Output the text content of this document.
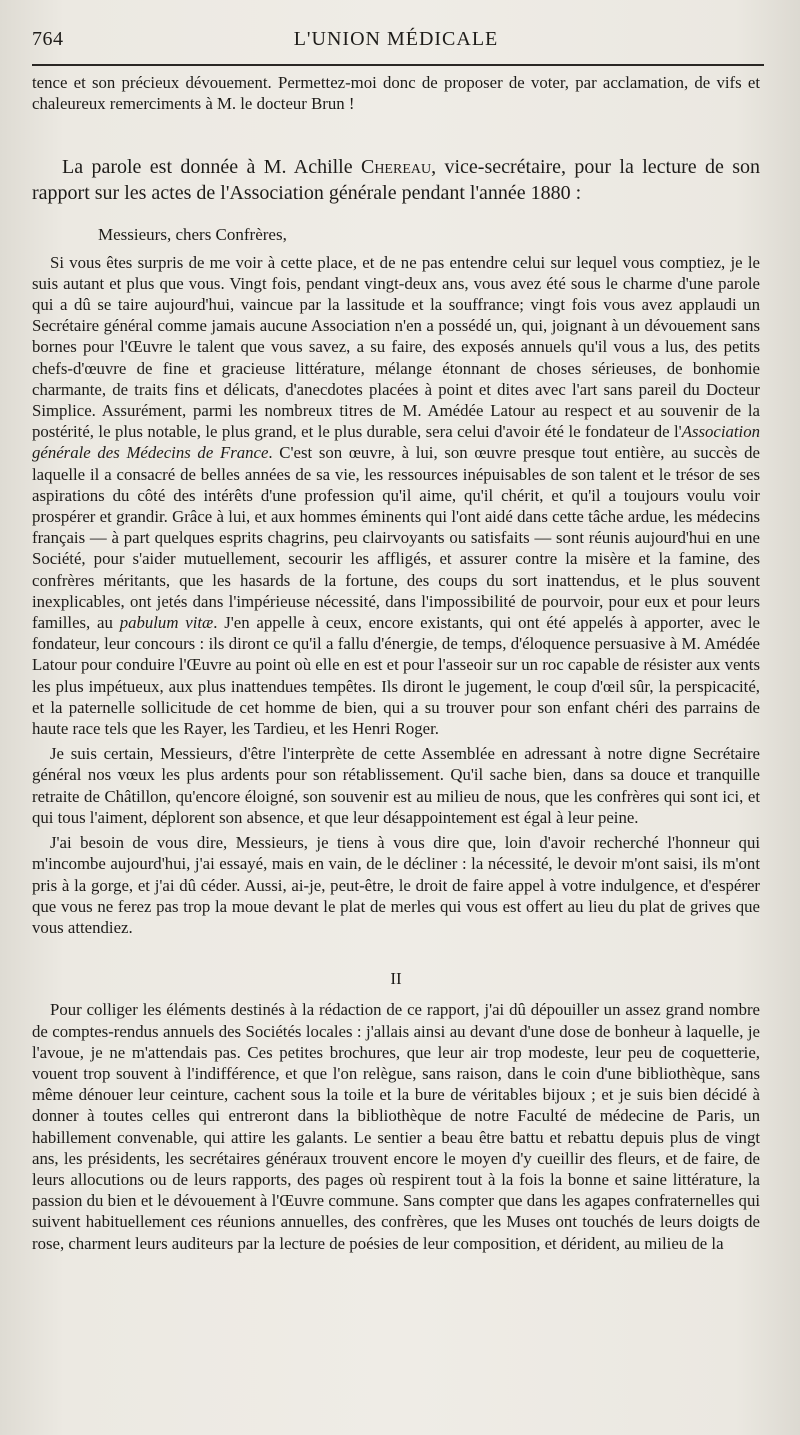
764	L'UNION MÉDICALE

tence et son précieux dévouement. Permettez-moi donc de proposer de voter, par acclamation, de vifs et chaleureux remerciments à M. le docteur Brun !

La parole est donnée à M. Achille Chereau, vice-secrétaire, pour la lecture de son rapport sur les actes de l'Association générale pendant l'année 1880 :

Messieurs, chers Confrères,

Si vous êtes surpris de me voir à cette place, et de ne pas entendre celui sur lequel vous comptiez, je le suis autant et plus que vous. Vingt fois, pendant vingt-deux ans, vous avez été sous le charme d'une parole qui a dû se taire aujourd'hui, vaincue par la lassitude et la souffrance; vingt fois vous avez applaudi un Secrétaire général comme jamais aucune Association n'en a possédé un, qui, joignant à un dévouement sans bornes pour l'Œuvre le talent que vous savez, a su faire, des exposés annuels qu'il vous a lus, des petits chefs-d'œuvre de fine et gracieuse littérature, mélange étonnant de choses sérieuses, de bonhomie charmante, de traits fins et délicats, d'anecdotes placées à point et dites avec l'art sans pareil du Docteur Simplice. Assurément, parmi les nombreux titres de M. Amédée Latour au respect et au souvenir de la postérité, le plus notable, le plus grand, et le plus durable, sera celui d'avoir été le fondateur de l'Association générale des Médecins de France. C'est son œuvre, à lui, son œuvre presque tout entière, au succès de laquelle il a consacré de belles années de sa vie, les ressources inépuisables de son talent et le trésor de ses aspirations du côté des intérêts d'une profession qu'il aime, qu'il chérit, et qu'il a toujours voulu voir prospérer et grandir. Grâce à lui, et aux hommes éminents qui l'ont aidé dans cette tâche ardue, les médecins français — à part quelques esprits chagrins, peu clairvoyants ou satisfaits — sont réunis aujourd'hui en une Société, pour s'aider mutuellement, secourir les affligés, et assurer contre la misère et la famine, des confrères méritants, que les hasards de la fortune, des coups du sort inattendus, et le plus souvent inexplicables, ont jetés dans l'impérieuse nécessité, dans l'impossibilité de pourvoir, pour eux et pour leurs familles, au pabulum vitæ. J'en appelle à ceux, encore existants, qui ont été appelés à apporter, avec le fondateur, leur concours : ils diront ce qu'il a fallu d'énergie, de temps, d'éloquence persuasive à M. Amédée Latour pour conduire l'Œuvre au point où elle en est et pour l'asseoir sur un roc capable de résister aux vents les plus impétueux, aux plus inattendues tempêtes. Ils diront le jugement, le coup d'œil sûr, la perspicacité, et la paternelle sollicitude de cet homme de bien, qui a su trouver pour son enfant chéri des parrains de haute race tels que les Rayer, les Tardieu, et les Henri Roger.

Je suis certain, Messieurs, d'être l'interprète de cette Assemblée en adressant à notre digne Secrétaire général nos vœux les plus ardents pour son rétablissement. Qu'il sache bien, dans sa douce et tranquille retraite de Châtillon, qu'encore éloigné, son souvenir est au milieu de nous, que les confrères qui sont ici, et qui tous l'aiment, déplorent son absence, et que leur désappointement est égal à leur peine.

J'ai besoin de vous dire, Messieurs, je tiens à vous dire que, loin d'avoir recherché l'honneur qui m'incombe aujourd'hui, j'ai essayé, mais en vain, de le décliner : la nécessité, le devoir m'ont saisi, ils m'ont pris à la gorge, et j'ai dû céder. Aussi, ai-je, peut-être, le droit de faire appel à votre indulgence, et d'espérer que vous ne ferez pas trop la moue devant le plat de merles qui vous est offert au lieu du plat de grives que vous attendiez.

II

Pour colliger les éléments destinés à la rédaction de ce rapport, j'ai dû dépouiller un assez grand nombre de comptes-rendus annuels des Sociétés locales : j'allais ainsi au devant d'une dose de bonheur à laquelle, je l'avoue, je ne m'attendais pas. Ces petites brochures, que leur air trop modeste, leur peu de coquetterie, vouent trop souvent à l'indifférence, et que l'on relègue, sans raison, dans le coin d'une bibliothèque, sans même dénouer leur ceinture, cachent sous la toile et la bure de véritables bijoux ; et je suis bien décidé à donner à toutes celles qui entreront dans la bibliothèque de notre Faculté de médecine de Paris, un habillement convenable, qui attire les galants. Le sentier a beau être battu et rebattu depuis plus de vingt ans, les présidents, les secrétaires généraux trouvent encore le moyen d'y cueillir des fleurs, et de faire, de leurs allocutions ou de leurs rapports, des pages où respirent tout à la fois la bonne et saine littérature, la passion du bien et le dévouement à l'Œuvre commune. Sans compter que dans les agapes confraternelles qui suivent habituellement ces réunions annuelles, des confrères, que les Muses ont touchés de leurs doigts de rose, charment leurs auditeurs par la lecture de poésies de leur composition, et dérident, au milieu de la
